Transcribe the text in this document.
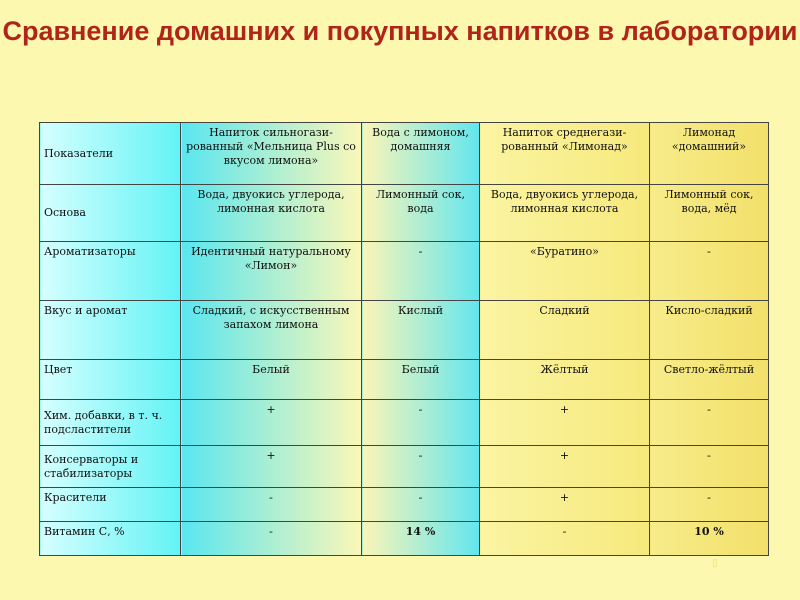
Сравнение домашних и покупных напитков в лаборатории
Показатели	Напиток сильногази-рованный «Мельница Plus со вкусом лимона»	Вода с лимоном, домашняя	Напиток среднегази-рованный «Лимонад»	Лимонад «домашний»
Основа	Вода, двуокись углерода, лимонная кислота	Лимонный сок, вода	Вода, двуокись углерода, лимонная кислота	Лимонный сок, вода, мёд
Ароматизаторы	Идентичный натуральному «Лимон»	-	«Буратино»	-
Вкус и аромат	Сладкий, с искусственным запахом лимона	Кислый	Сладкий	Кисло-сладкий
Цвет	Белый	Белый	Жёлтый	Светло-жёлтый
Хим. добавки, в т. ч. подсластители	+	-	+	-
Консерваторы и стабилизаторы	+	-	+	-
Красители	-	-	+	-
Витамин С, %	-	14 %	-	10 %
▯
